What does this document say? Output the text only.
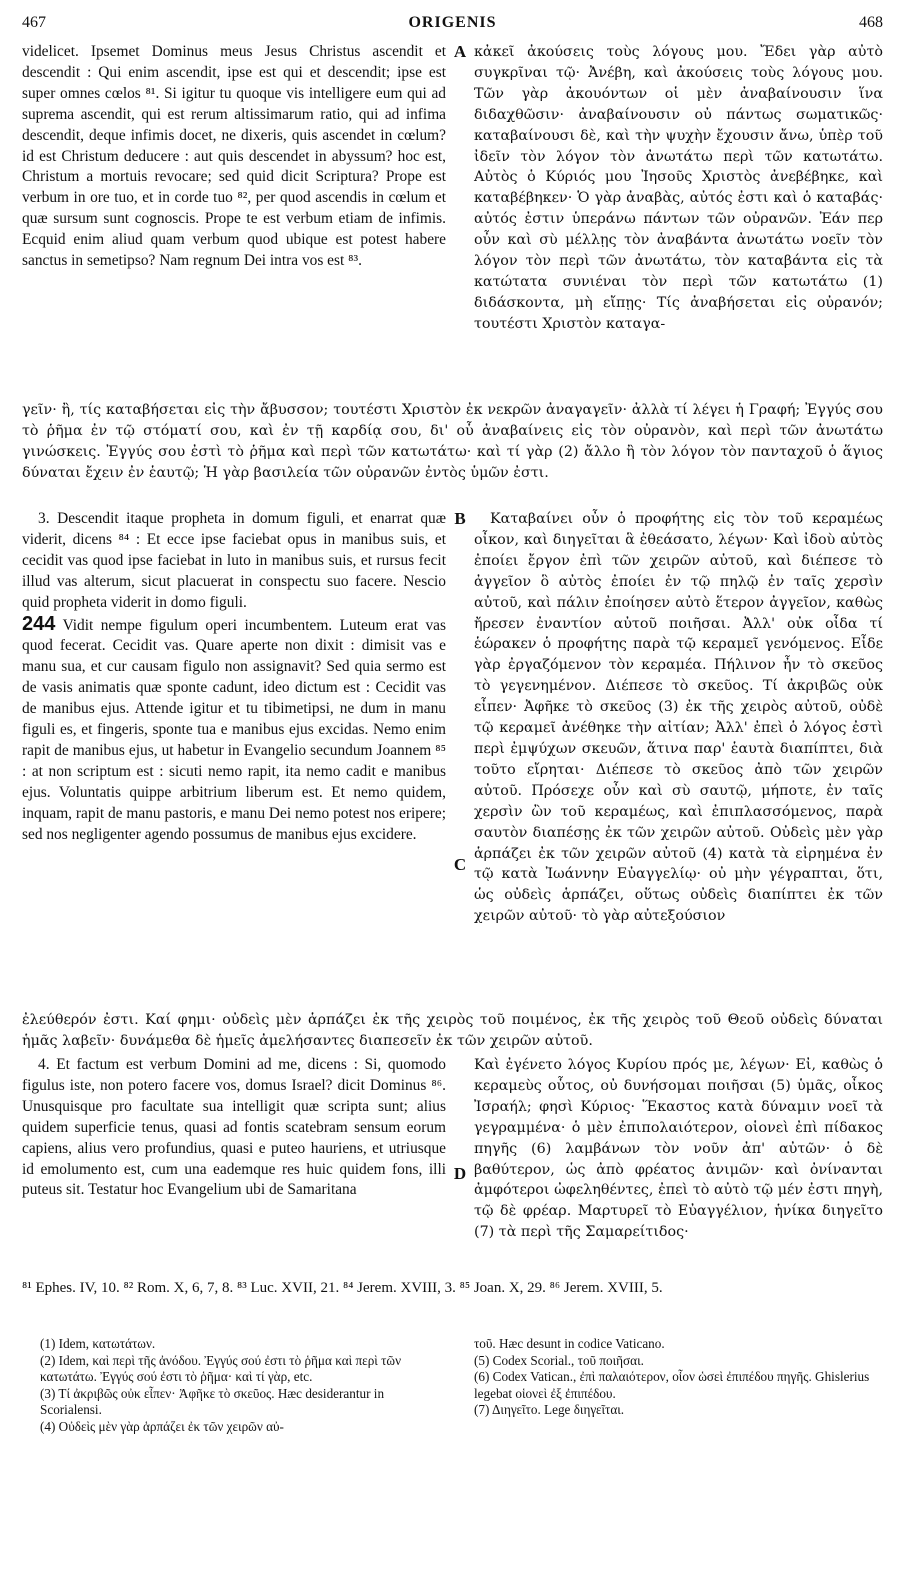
467	ORIGENIS	468
A
B
C
D

videlicet. Ipsemet Dominus meus Jesus Christus ascendit et descendit : Qui enim ascendit, ipse est qui et descendit; ipse est super omnes cœlos ⁸¹. Si igitur tu quoque vis intelligere eum qui ad suprema ascendit, qui est rerum altissimarum ratio, qui ad infima descendit, deque infimis docet, ne dixeris, quis ascendet in cœlum? id est Christum deducere : aut quis descendet in abyssum? hoc est, Christum a mortuis revocare; sed quid dicit Scriptura? Prope est verbum in ore tuo, et in corde tuo ⁸², per quod ascendis in cœlum et quæ sursum sunt cognoscis. Prope te est verbum etiam de infimis. Ecquid enim aliud quam verbum quod ubique est potest habere sanctus in semetipso? Nam regnum Dei intra vos est ⁸³.

κἀκεῖ ἀκούσεις τοὺς λόγους μου. Ἔδει γὰρ αὐτὸ συγκρῖναι τῷ· Ἀνέβη, καὶ ἀκούσεις τοὺς λόγους μου. Τῶν γὰρ ἀκουόντων οἱ μὲν ἀναβαίνουσιν ἵνα διδαχθῶσιν· ἀναβαίνουσιν οὐ πάντως σωματικῶς· καταβαίνουσι δὲ, καὶ τὴν ψυχὴν ἔχουσιν ἄνω, ὑπὲρ τοῦ ἰδεῖν τὸν λόγον τὸν ἀνωτάτω περὶ τῶν κατωτάτω. Αὐτὸς ὁ Κύριός μου Ἰησοῦς Χριστὸς ἀνεβέβηκε, καὶ καταβέβηκεν· Ὁ γὰρ ἀναβὰς, αὐτός ἐστι καὶ ὁ καταβάς· αὐτός ἐστιν ὑπεράνω πάντων τῶν οὐρανῶν. Ἐάν περ οὖν καὶ σὺ μέλλῃς τὸν ἀναβάντα ἀνωτάτω νοεῖν τὸν λόγον τὸν περὶ τῶν ἀνωτάτω, τὸν καταβάντα εἰς τὰ κατώτατα συνιέναι τὸν περὶ τῶν κατωτάτω (1) διδάσκοντα, μὴ εἴπῃς· Τίς ἀναβήσεται εἰς οὐρανόν; τουτέστι Χριστὸν καταγα-

γεῖν· ἢ, τίς καταβήσεται εἰς τὴν ἄβυσσον; τουτέστι Χριστὸν ἐκ νεκρῶν ἀναγαγεῖν· ἀλλὰ τί λέγει ἡ Γραφή; Ἐγγύς σου τὸ ῥῆμα ἐν τῷ στόματί σου, καὶ ἐν τῇ καρδίᾳ σου, δι' οὗ ἀναβαίνεις εἰς τὸν οὐρανὸν, καὶ περὶ τῶν ἀνωτάτω γινώσκεις. Ἐγγύς σου ἐστὶ τὸ ῥῆμα καὶ περὶ τῶν κατωτάτω· καὶ τί γὰρ (2) ἄλλο ἢ τὸν λόγον τὸν πανταχοῦ ὁ ἅγιος δύναται ἔχειν ἐν ἑαυτῷ; Ἡ γὰρ βασιλεία τῶν οὐρανῶν ἐντὸς ὑμῶν ἐστι.

3. Descendit itaque propheta in domum figuli, et enarrat quæ viderit, dicens ⁸⁴ : Et ecce ipse faciebat opus in manibus suis, et cecidit vas quod ipse faciebat in luto in manibus suis, et rursus fecit illud vas alterum, sicut placuerat in conspectu suo facere. Nescio quid propheta viderit in domo figuli.

244 Vidit nempe figulum operi incumbentem. Luteum erat vas quod fecerat. Cecidit vas. Quare aperte non dixit : dimisit vas e manu sua, et cur causam figulo non assignavit? Sed quia sermo est de vasis animatis quæ sponte cadunt, ideo dictum est : Cecidit vas de manibus ejus. Attende igitur et tu tibimetipsi, ne dum in manu figuli es, et fingeris, sponte tua e manibus ejus excidas. Nemo enim rapit de manibus ejus, ut habetur in Evangelio secundum Joannem ⁸⁵ : at non scriptum est : sicuti nemo rapit, ita nemo cadit e manibus ejus. Voluntatis quippe arbitrium liberum est. Et nemo quidem, inquam, rapit de manu pastoris, e manu Dei nemo potest nos eripere; sed nos negligenter agendo possumus de manibus ejus excidere.

Καταβαίνει οὖν ὁ προφήτης εἰς τὸν τοῦ κεραμέως οἶκον, καὶ διηγεῖται ἃ ἐθεάσατο, λέγων· Καὶ ἰδοὺ αὐτὸς ἐποίει ἔργον ἐπὶ τῶν χειρῶν αὐτοῦ, καὶ διέπεσε τὸ ἀγγεῖον ὃ αὐτὸς ἐποίει ἐν τῷ πηλῷ ἐν ταῖς χερσὶν αὐτοῦ, καὶ πάλιν ἐποίησεν αὐτὸ ἕτερον ἀγγεῖον, καθὼς ἤρεσεν ἐναντίον αὐτοῦ ποιῆσαι. Ἀλλ' οὐκ οἶδα τί ἑώρακεν ὁ προφήτης παρὰ τῷ κεραμεῖ γενόμενος. Εἶδε γὰρ ἐργαζόμενον τὸν κεραμέα. Πήλινον ἦν τὸ σκεῦος τὸ γεγενημένον. Διέπεσε τὸ σκεῦος. Τί ἀκριβῶς οὐκ εἶπεν· Ἀφῆκε τὸ σκεῦος (3) ἐκ τῆς χειρὸς αὐτοῦ, οὐδὲ τῷ κεραμεῖ ἀνέθηκε τὴν αἰτίαν; Ἀλλ' ἐπεὶ ὁ λόγος ἐστὶ περὶ ἐμψύχων σκευῶν, ἅτινα παρ' ἑαυτὰ διαπίπτει, διὰ τοῦτο εἴρηται· Διέπεσε τὸ σκεῦος ἀπὸ τῶν χειρῶν αὐτοῦ. Πρόσεχε οὖν καὶ σὺ σαυτῷ, μήποτε, ἐν ταῖς χερσὶν ὢν τοῦ κεραμέως, καὶ ἐπιπλασσόμενος, παρὰ σαυτὸν διαπέσῃς ἐκ τῶν χειρῶν αὐτοῦ. Οὐδεὶς μὲν γὰρ ἁρπάζει ἐκ τῶν χειρῶν αὐτοῦ (4) κατὰ τὰ εἰρημένα ἐν τῷ κατὰ Ἰωάννην Εὐαγγελίῳ· οὐ μὴν γέγραπται, ὅτι, ὡς οὐδεὶς ἁρπάζει, οὕτως οὐδεὶς διαπίπτει ἐκ τῶν χειρῶν αὐτοῦ· τὸ γὰρ αὐτεξούσιον

ἐλεύθερόν ἐστι. Καί φημι· οὐδεὶς μὲν ἁρπάζει ἐκ τῆς χειρὸς τοῦ ποιμένος, ἐκ τῆς χειρὸς τοῦ Θεοῦ οὐδεὶς δύναται ἡμᾶς λαβεῖν· δυνάμεθα δὲ ἡμεῖς ἀμελήσαντες διαπεσεῖν ἐκ τῶν χειρῶν αὐτοῦ.

4. Et factum est verbum Domini ad me, dicens : Si, quomodo figulus iste, non potero facere vos, domus Israel? dicit Dominus ⁸⁶. Unusquisque pro facultate sua intelligit quæ scripta sunt; alius quidem superficie tenus, quasi ad fontis scatebram sensum eorum capiens, alius vero profundius, quasi e puteo hauriens, et utriusque id emolumento est, cum una eademque res huic quidem fons, illi puteus sit. Testatur hoc Evangelium ubi de Samaritana

Καὶ ἐγένετο λόγος Κυρίου πρός με, λέγων· Εἰ, καθὼς ὁ κεραμεὺς οὗτος, οὐ δυνήσομαι ποιῆσαι (5) ὑμᾶς, οἶκος Ἰσραήλ; φησὶ Κύριος· Ἕκαστος κατὰ δύναμιν νοεῖ τὰ γεγραμμένα· ὁ μὲν ἐπιπολαιότερον, οἱονεὶ ἐπὶ πίδακος πηγῆς (6) λαμβάνων τὸν νοῦν ἀπ' αὐτῶν· ὁ δὲ βαθύτερον, ὡς ἀπὸ φρέατος ἀνιμῶν· καὶ ὀνίνανται ἀμφότεροι ὠφεληθέντες, ἐπεὶ τὸ αὐτὸ τῷ μέν ἐστι πηγὴ, τῷ δὲ φρέαρ. Μαρτυρεῖ τὸ Εὐαγγέλιον, ἡνίκα διηγεῖτο (7) τὰ περὶ τῆς Σαμαρείτιδος·

⁸¹ Ephes. IV, 10. ⁸² Rom. X, 6, 7, 8. ⁸³ Luc. XVII, 21. ⁸⁴ Jerem. XVIII, 3. ⁸⁵ Joan. X, 29. ⁸⁶ Jerem. XVIII, 5.

(1) Idem, κατωτάτων.

(2) Idem, καὶ περὶ τῆς ἀνόδου. Ἐγγύς σού ἐστι τὸ ῥῆμα καὶ περὶ τῶν κατωτάτω. Ἐγγύς σού ἐστι τὸ ῥῆμα· καὶ τί γὰρ, etc.

(3) Τί ἀκριβῶς οὐκ εἶπεν· Ἀφῆκε τὸ σκεῦος. Hæc desiderantur in Scorialensi.

(4) Οὐδεὶς μὲν γὰρ ἁρπάζει ἐκ τῶν χειρῶν αὐ-

τοῦ. Hæc desunt in codice Vaticano.

(5) Codex Scorial., τοῦ ποιῆσαι.

(6) Codex Vatican., ἐπὶ παλαιότερον, οἷον ὡσεὶ ἐπιπέδου πηγῆς. Ghislerius legebat οἱονεὶ ἐξ ἐπιπέδου.

(7) Διηγεῖτο. Lege διηγεῖται.
